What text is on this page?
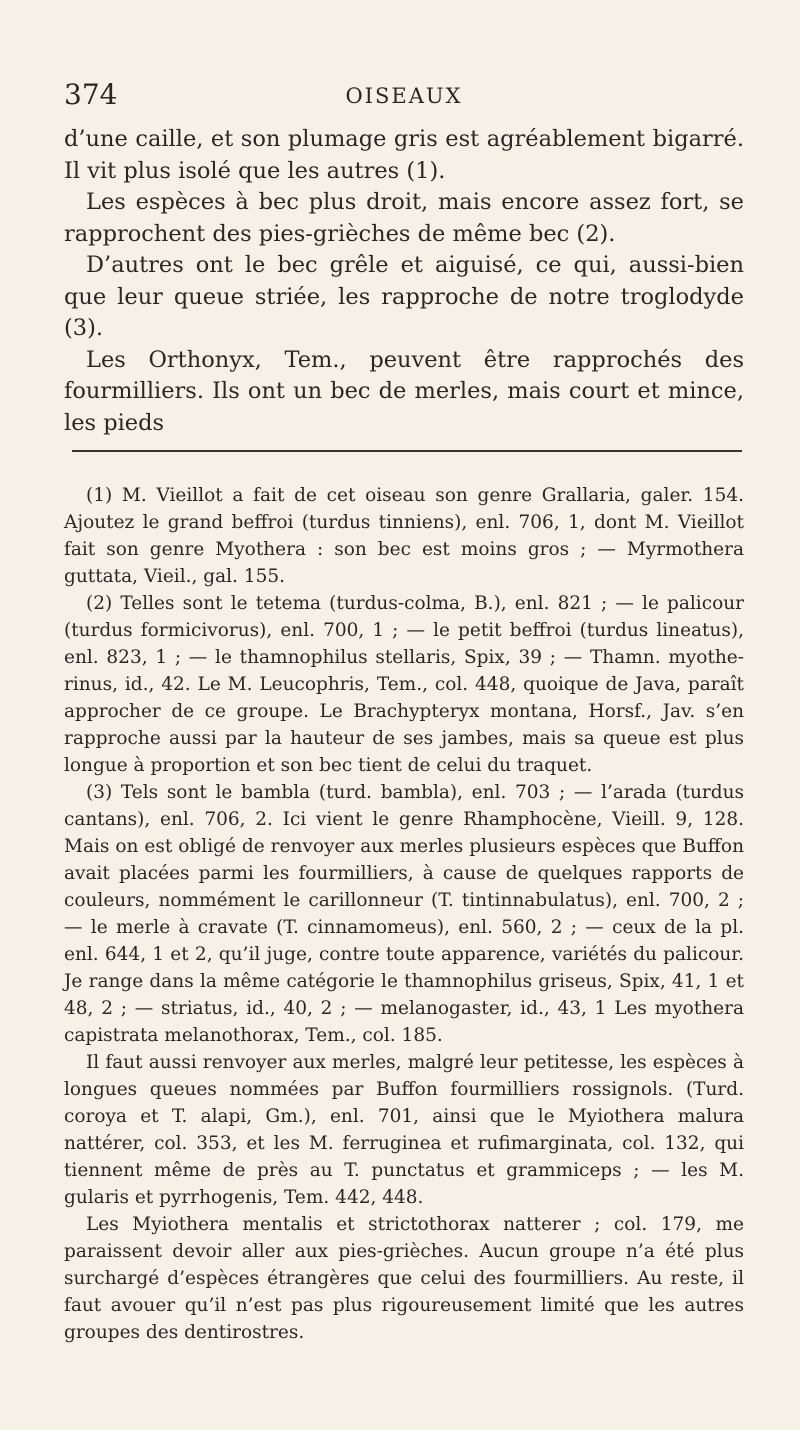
374	OISEAUX

d’une caille, et son plumage gris est agréablement bigarré. Il vit plus isolé que les autres (1).

Les espèces à bec plus droit, mais encore assez fort, se rapprochent des pies-grièches de même bec (2).

D’autres ont le bec grêle et aiguisé, ce qui, aussi-bien que leur queue striée, les rapproche de notre troglodyde (3).

Les Orthonyx, Tem., peuvent être rapprochés des fourmilliers. Ils ont un bec de merles, mais court et mince, les pieds

(1) M. Vieillot a fait de cet oiseau son genre Grallaria, galer. 154. Ajoutez le grand beffroi (turdus tinniens), enl. 706, 1, dont M. Vieillot fait son genre Myothera : son bec est moins gros ; — Myrmothera guttata, Vieil., gal. 155.

(2) Telles sont le tetema (turdus-colma, B.), enl. 821 ; — le palicour (turdus formicivorus), enl. 700, 1 ; — le petit beffroi (turdus lineatus), enl. 823, 1 ; — le thamnophilus stellaris, Spix, 39 ; — Thamn. myothe-rinus, id., 42. Le M. Leucophris, Tem., col. 448, quoique de Java, paraît approcher de ce groupe. Le Brachypteryx montana, Horsf., Jav. s’en rapproche aussi par la hauteur de ses jambes, mais sa queue est plus longue à proportion et son bec tient de celui du traquet.

(3) Tels sont le bambla (turd. bambla), enl. 703 ; — l’arada (turdus cantans), enl. 706, 2. Ici vient le genre Rhamphocène, Vieill. 9, 128. Mais on est obligé de renvoyer aux merles plusieurs espèces que Buffon avait placées parmi les fourmilliers, à cause de quelques rapports de couleurs, nommément le carillonneur (T. tintinnabulatus), enl. 700, 2 ; — le merle à cravate (T. cinnamomeus), enl. 560, 2 ; — ceux de la pl. enl. 644, 1 et 2, qu’il juge, contre toute apparence, variétés du palicour. Je range dans la même catégorie le thamnophilus griseus, Spix, 41, 1 et 48, 2 ; — striatus, id., 40, 2 ; — melanogaster, id., 43, 1 Les myothera capistrata melanothorax, Tem., col. 185.

Il faut aussi renvoyer aux merles, malgré leur petitesse, les espèces à longues queues nommées par Buffon fourmilliers rossignols. (Turd. coroya et T. alapi, Gm.), enl. 701, ainsi que le Myiothera malura nattérer, col. 353, et les M. ferruginea et rufimarginata, col. 132, qui tiennent même de près au T. punctatus et grammiceps ; — les M. gularis et pyrrhogenis, Tem. 442, 448.

Les Myiothera mentalis et strictothorax natterer ; col. 179, me paraissent devoir aller aux pies-grièches. Aucun groupe n’a été plus surchargé d’espèces étrangères que celui des fourmilliers. Au reste, il faut avouer qu’il n’est pas plus rigoureusement limité que les autres groupes des dentirostres.
